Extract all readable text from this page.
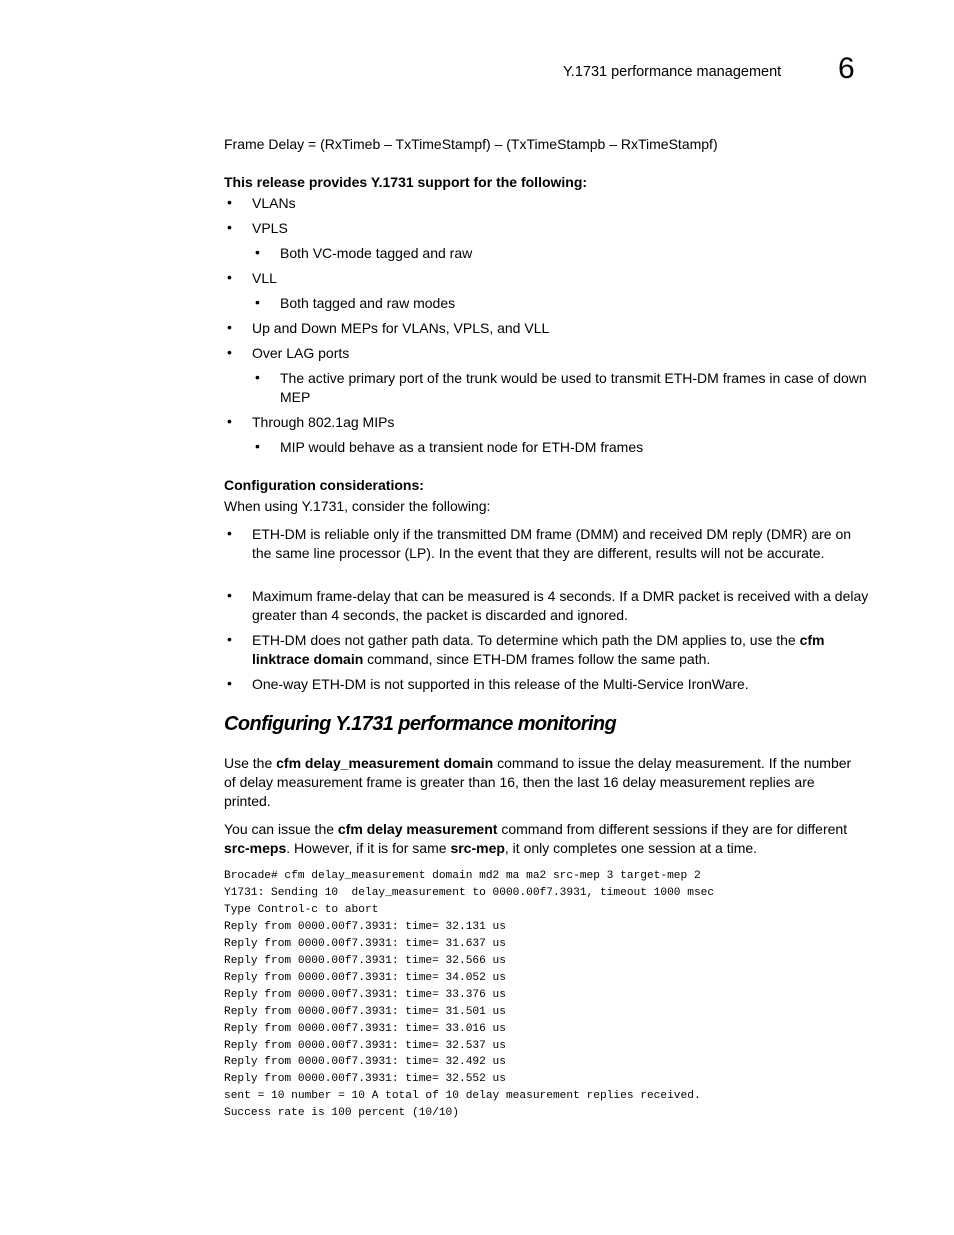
Y.1731 performance management 6
Frame Delay = (RxTimeb – TxTimeStampf) – (TxTimeStampb – RxTimeStampf)
This release provides Y.1731 support for the following:
• VLANs
• VPLS
• Both VC-mode tagged and raw
• VLL
• Both tagged and raw modes
• Up and Down MEPs for VLANs, VPLS, and VLL
• Over LAG ports
• The active primary port of the trunk would be used to transmit ETH-DM frames in case of down MEP
• Through 802.1ag MIPs
• MIP would behave as a transient node for ETH-DM frames
Configuration considerations:
When using Y.1731, consider the following:
• ETH-DM is reliable only if the transmitted DM frame (DMM) and received DM reply (DMR) are on the same line processor (LP). In the event that they are different, results will not be accurate.
• Maximum frame-delay that can be measured is 4 seconds. If a DMR packet is received with a delay greater than 4 seconds, the packet is discarded and ignored.
• ETH-DM does not gather path data. To determine which path the DM applies to, use the cfm linktrace domain command, since ETH-DM frames follow the same path.
• One-way ETH-DM is not supported in this release of the Multi-Service IronWare.
Configuring Y.1731 performance monitoring
Use the cfm delay_measurement domain command to issue the delay measurement. If the number of delay measurement frame is greater than 16, then the last 16 delay measurement replies are printed.
You can issue the cfm delay measurement command from different sessions if they are for different src-meps. However, if it is for same src-mep, it only completes one session at a time.
Brocade# cfm delay_measurement domain md2 ma ma2 src-mep 3 target-mep 2
Y1731: Sending 10  delay_measurement to 0000.00f7.3931, timeout 1000 msec
Type Control-c to abort
Reply from 0000.00f7.3931: time= 32.131 us
Reply from 0000.00f7.3931: time= 31.637 us
Reply from 0000.00f7.3931: time= 32.566 us
Reply from 0000.00f7.3931: time= 34.052 us
Reply from 0000.00f7.3931: time= 33.376 us
Reply from 0000.00f7.3931: time= 31.501 us
Reply from 0000.00f7.3931: time= 33.016 us
Reply from 0000.00f7.3931: time= 32.537 us
Reply from 0000.00f7.3931: time= 32.492 us
Reply from 0000.00f7.3931: time= 32.552 us
sent = 10 number = 10 A total of 10 delay measurement replies received.
Success rate is 100 percent (10/10)
